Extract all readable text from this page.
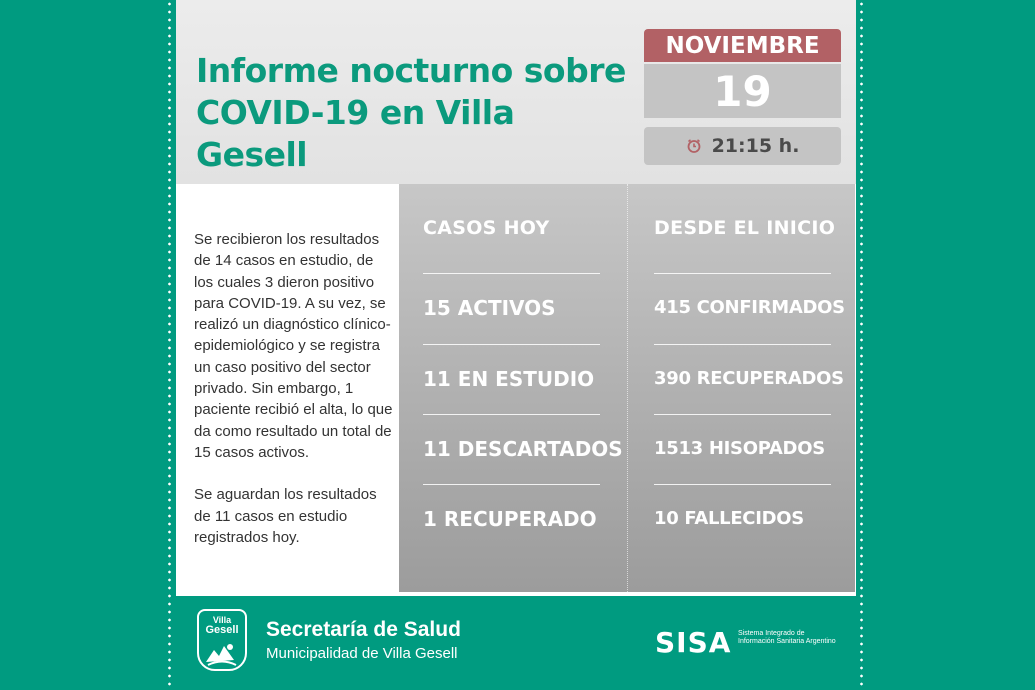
Informe nocturno sobre
COVID-19 en Villa Gesell
NOVIEMBRE
19
21:15 h.

Se recibieron los resultados de 14 casos en estudio, de los cuales 3 dieron positivo para COVID-19. A su vez, se realizó un diagnóstico clínico-epidemiológico y se registra un caso positivo del sector privado. Sin embargo, 1 paciente recibió el alta, lo que da como resultado un total de 15 casos activos.

Se aguardan los resultados de 11 casos en estudio registrados hoy.

CASOS HOY
15 ACTIVOS
11 EN ESTUDIO
11 DESCARTADOS
1 RECUPERADO
DESDE EL INICIO
415 CONFIRMADOS
390 RECUPERADOS
1513 HISOPADOS
10 FALLECIDOS
Villa
Gesell	Secretaría de Salud
Municipalidad de Villa Gesell	SISA Sistema Integrado de Información Sanitaria Argentino
